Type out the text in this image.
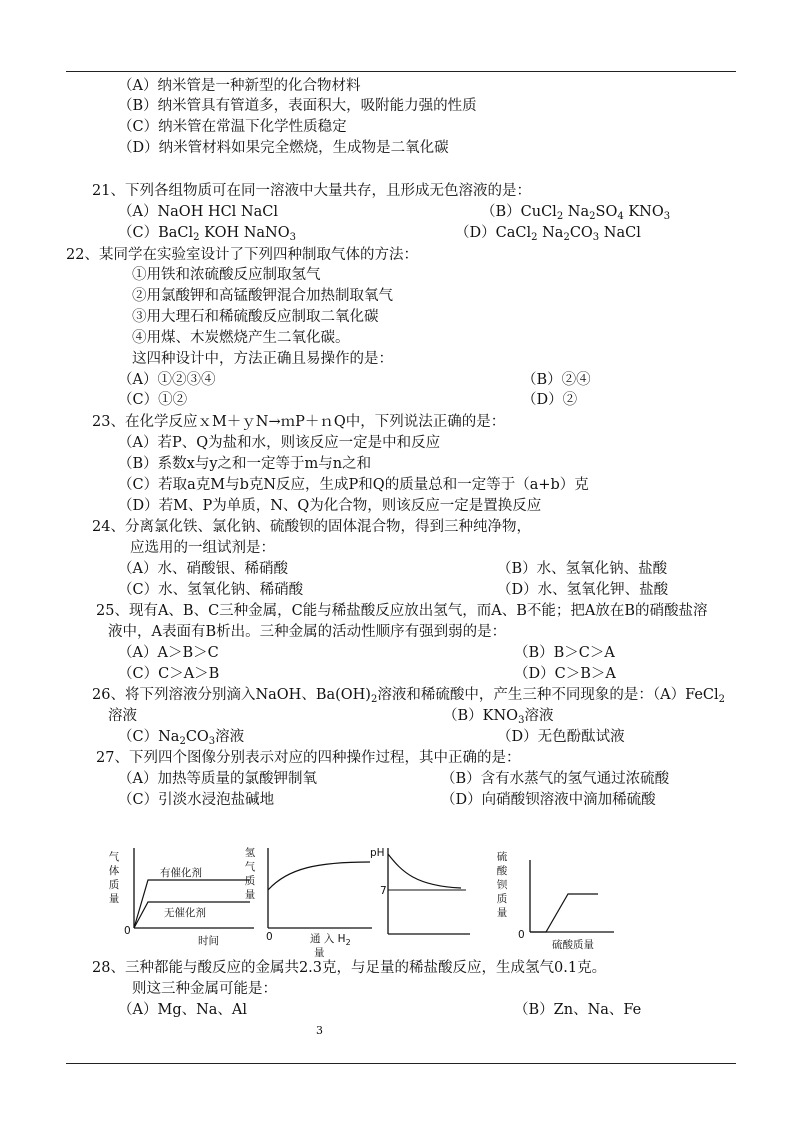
（A）纳米管是一种新型的化合物材料
（B）纳米管具有管道多，表面积大，吸附能力强的性质
（C）纳米管在常温下化学性质稳定
（D）纳米管材料如果完全燃烧，生成物是二氧化碳
21、下列各组物质可在同一溶液中大量共存，且形成无色溶液的是：
（A）NaOH HCl NaCl	（B）CuCl$_2$ $Na_2SO_4$ $KNO_3$
（C）BaCl$_2$ KOH NaNO$_3$	（D）CaCl$_2$ $Na_2CO_3$ NaCl
22、某同学在实验室设计了下列四种制取气体的方法：
①用铁和浓硫酸反应制取氢气
②用氯酸钾和高锰酸钾混合加热制取氧气
③用大理石和稀硫酸反应制取二氧化碳
④用煤、木炭燃烧产生二氧化碳。
这四种设计中，方法正确且易操作的是：
（A）①②③④	（B）②④
（C）①②	（D）②
23、在化学反应ｘM＋ｙN→ｍP＋ｎQ中，下列说法正确的是：
（A）若P、Q为盐和水，则该反应一定是中和反应
（B）系数x与y之和一定等于m与n之和
（C）若取a克M与b克N反应，生成P和Q的质量总和一定等于（a+b）克
（D）若M、P为单质，N、Q为化合物，则该反应一定是置换反应
24、分离氯化铁、氯化钠、硫酸钡的固体混合物，得到三种纯净物，
应选用的一组试剂是：
（A）水、硝酸银、稀硝酸	（B）水、氢氧化钠、盐酸
（C）水、氢氧化钠、稀硝酸	（D）水、氢氧化钾、盐酸
25、现有A、B、C三种金属，C能与稀盐酸反应放出氢气，而A、B不能；把A放在B的硝酸盐溶
液中，A表面有B析出。三种金属的活动性顺序有强到弱的是：
（A）A＞B＞C	（B）B＞C＞A
（C）C＞A＞B	（D）C＞B＞A
26、将下列溶液分别滴入NaOH、$Ba(OH)_2$溶液和稀硫酸中，产生三种不同现象的是：（A）FeCl$_2$
溶液	$(B)KNO_3$溶液
$(C)Na_2CO_3$溶液	（D）无色酚酞试液
27、下列四个图像分别表示对应的四种操作过程，其中正确的是：
（A）加热等质量的氯酸钾制氧	（B）含有水蒸气的氢气通过浓硫酸
（C）引淡水浸泡盐碱地	（D）向硝酸钡溶液中滴加稀硫酸
气
体
质
量
有催化剂
无催化剂
0
时间
氢
气
质
量
0	通 入 $H_2$
量
pH
7
硫
酸
钡
质
量
0
硫酸质量
28、三种都能与酸反应的金属共2.3克，与足量的稀盐酸反应，生成氢气0.1克。
则这三种金属可能是：
（A）Mg、Na、Al	（B）Zn、Na、Fe
3
